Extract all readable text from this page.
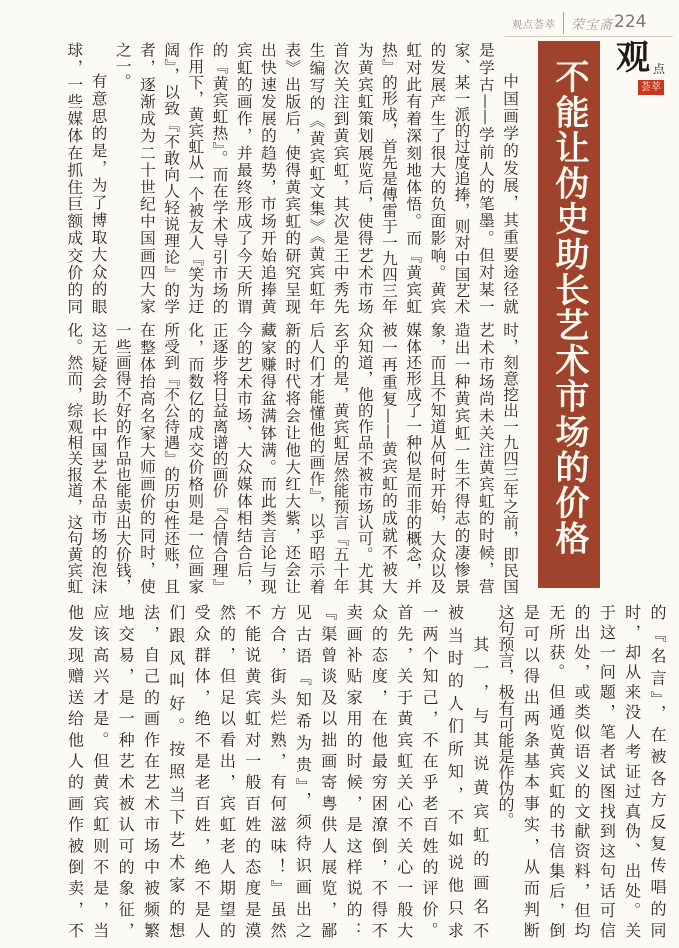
观点荟萃 荣宝斋 224
观 点
荟萃
不能让伪史助长艺术市场的价格
中国画学的发展，其重要途径就
是学古——学前人的笔墨。但对某一
家、某一派的过度追捧，则对中国艺术
的发展产生了很大的负面影响。黄宾
虹对此有着深刻地体悟。而『黄宾虹
热』的形成，首先是傅雷于一九四三年
为黄宾虹策划展览后，使得艺术市场
首次关注到黄宾虹，其次是王中秀先
生编写的《黄宾虹文集》《黄宾虹年
表》出版后，使得黄宾虹的研究呈现
出快速发展的趋势，市场开始追捧黄
宾虹的画作，并最终形成了今天所谓
的『黄宾虹热』。而在学术导引市场的
作用下，黄宾虹从一个被友人『笑为迂
阔』，以致『不敢向人轻说理论』的学
者，逐渐成为二十世纪中国画四大家
之一。
有意思的是，为了博取大众的眼
球，一些媒体在抓住巨额成交价的同
时，刻意挖出一九四三年之前，即民国
艺术市场尚未关注黄宾虹的时候，营
造出一种黄宾虹一生不得志的凄惨景
象，而且不知道从何时开始，大众以及
媒体还形成了一种似是而非的概念，并
被一再重复——黄宾虹的成就不被大
众知道，他的作品不被市场认可。尤其
玄乎的是，黄宾虹居然能预言『五十年
后人们才能懂他的画作』，以乎昭示着
新的时代将会让他大红大紫，还会让
藏家赚得盆满钵满。而此类言论与现
今的艺术市场、大众媒体相结合后，
正逐步将日益离谱的画价『合情合理』
化，而数亿的成交价格则是一位画家
所受到『不公待遇』的历史性还账，且
在整体抬高名家大师画价的同时，使
一些画得不好的作品也能卖出大价钱，
这无疑会助长中国艺术品市场的泡沫
化。然而，综观相关报道，这句黄宾虹
的『名言』，在被各方反复传唱的同
时，却从来没人考证过真伪、出处。关
于这一问题，笔者试图找到这句话可信
的出处，或类似语义的文献资料，但均
无所获。但通览黄宾虹的书信集后，倒
是可以得出两条基本事实，从而判断
这句预言，极有可能是作伪的。
其一，与其说黄宾虹的画名不
被当时的人们所知，不如说他只求
一两个知己，不在乎老百姓的评价。
首先，关于黄宾虹关心不关心一般大
众的态度，在他最穷困潦倒，不得不
卖画补贴家用的时候，是这样说的：
『渠曾谈及以拙画寄粤供人展览，鄙
见古语『知希为贵』，须待识画出之
方合，街头烂熟，有何滋味！』虽然
不能说黄宾虹对一般百姓的态度是漠
然的，但足以看出，宾虹老人期望的
受众群体，绝不是老百姓，绝不是人
们跟风叫好。按照当下艺术家的想
法，自己的画作在艺术市场中被频繁
地交易，是一种艺术被认可的象征，
应该高兴才是。但黄宾虹则不是，当
他发现赠送给他人的画作被倒卖，不
